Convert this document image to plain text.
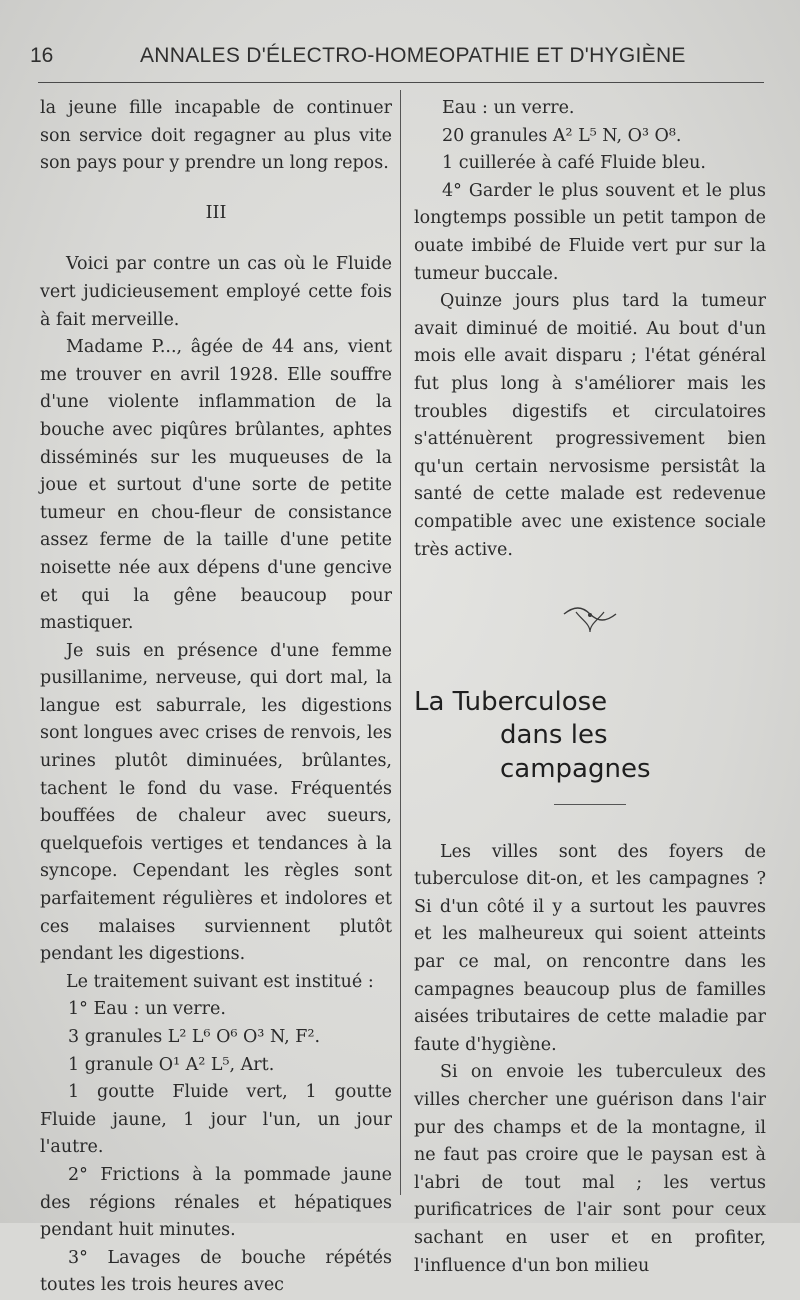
16	ANNALES D'ÉLECTRO-HOMEOPATHIE ET D'HYGIÈNE

la jeune fille incapable de continuer son service doit regagner au plus vite son pays pour y prendre un long repos.

III

Voici par contre un cas où le Fluide vert judicieusement employé cette fois à fait merveille.

Madame P..., âgée de 44 ans, vient me trouver en avril 1928. Elle souffre d'une violente inflammation de la bouche avec piqûres brûlantes, aphtes disséminés sur les muqueuses de la joue et surtout d'une sorte de petite tumeur en chou-fleur de consistance assez ferme de la taille d'une petite noisette née aux dépens d'une gencive et qui la gêne beaucoup pour mastiquer.

Je suis en présence d'une femme pusillanime, nerveuse, qui dort mal, la langue est saburrale, les digestions sont longues avec crises de renvois, les urines plutôt diminuées, brûlantes, tachent le fond du vase. Fréquentés bouffées de chaleur avec sueurs, quelquefois vertiges et tendances à la syncope. Cependant les règles sont parfaitement régulières et indolores et ces malaises surviennent plutôt pendant les digestions.

Le traitement suivant est institué :

1° Eau : un verre.

3 granules L² L⁶ O⁶ O³ N, F².

1 granule O¹ A² L⁵, Art.

1 goutte Fluide vert, 1 goutte Fluide jaune, 1 jour l'un, un jour l'autre.

2° Frictions à la pommade jaune des régions rénales et hépatiques pendant huit minutes.

3° Lavages de bouche répétés toutes les trois heures avec

Eau : un verre.

20 granules A² L⁵ N, O³ O⁸.

1 cuillerée à café Fluide bleu.

4° Garder le plus souvent et le plus longtemps possible un petit tampon de ouate imbibé de Fluide vert pur sur la tumeur buccale.

Quinze jours plus tard la tumeur avait diminué de moitié. Au bout d'un mois elle avait disparu ; l'état général fut plus long à s'améliorer mais les troubles digestifs et circulatoires s'atténuèrent progressivement bien qu'un certain nervosisme persistât la santé de cette malade est redevenue compatible avec une existence sociale très active.

La Tuberculose
dans les campagnes

Les villes sont des foyers de tuberculose dit-on, et les campagnes ? Si d'un côté il y a surtout les pauvres et les malheureux qui soient atteints par ce mal, on rencontre dans les campagnes beaucoup plus de familles aisées tributaires de cette maladie par faute d'hygiène.

Si on envoie les tuberculeux des villes chercher une guérison dans l'air pur des champs et de la montagne, il ne faut pas croire que le paysan est à l'abri de tout mal ; les vertus purificatrices de l'air sont pour ceux sachant en user et en profiter, l'influence d'un bon milieu
